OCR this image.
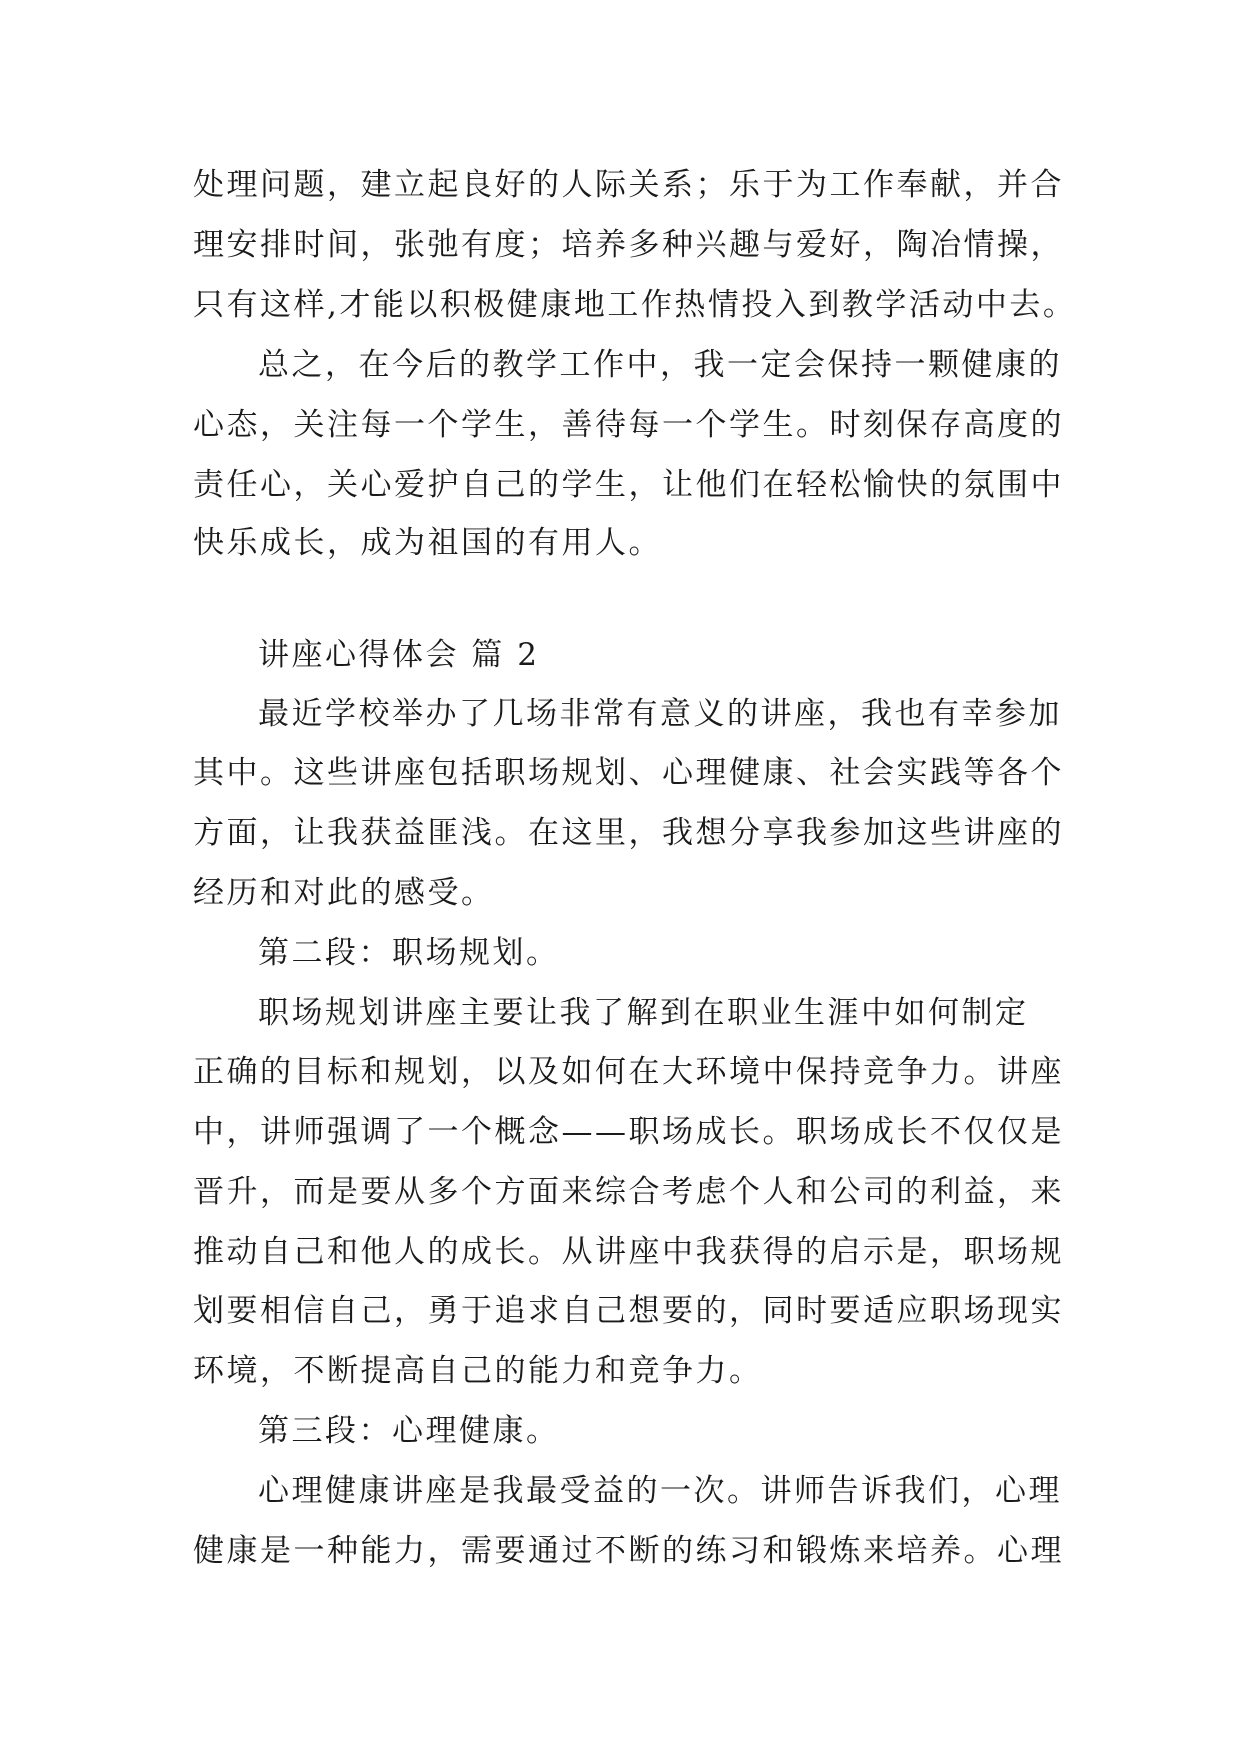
处理问题，建立起良好的人际关系；乐于为工作奉献，并合
理安排时间，张弛有度；培养多种兴趣与爱好，陶冶情操，
只有这样,才能以积极健康地工作热情投入到教学活动中去。
总之，在今后的教学工作中，我一定会保持一颗健康的
心态，关注每一个学生，善待每一个学生。时刻保存高度的
责任心，关心爱护自己的学生，让他们在轻松愉快的氛围中
快乐成长，成为祖国的有用人。
讲座心得体会 篇 2
最近学校举办了几场非常有意义的讲座，我也有幸参加
其中。这些讲座包括职场规划、心理健康、社会实践等各个
方面，让我获益匪浅。在这里，我想分享我参加这些讲座的
经历和对此的感受。
第二段：职场规划。
职场规划讲座主要让我了解到在职业生涯中如何制定
正确的目标和规划，以及如何在大环境中保持竞争力。讲座
中，讲师强调了一个概念——职场成长。职场成长不仅仅是
晋升，而是要从多个方面来综合考虑个人和公司的利益，来
推动自己和他人的成长。从讲座中我获得的启示是，职场规
划要相信自己，勇于追求自己想要的，同时要适应职场现实
环境，不断提高自己的能力和竞争力。
第三段：心理健康。
心理健康讲座是我最受益的一次。讲师告诉我们，心理
健康是一种能力，需要通过不断的练习和锻炼来培养。心理
